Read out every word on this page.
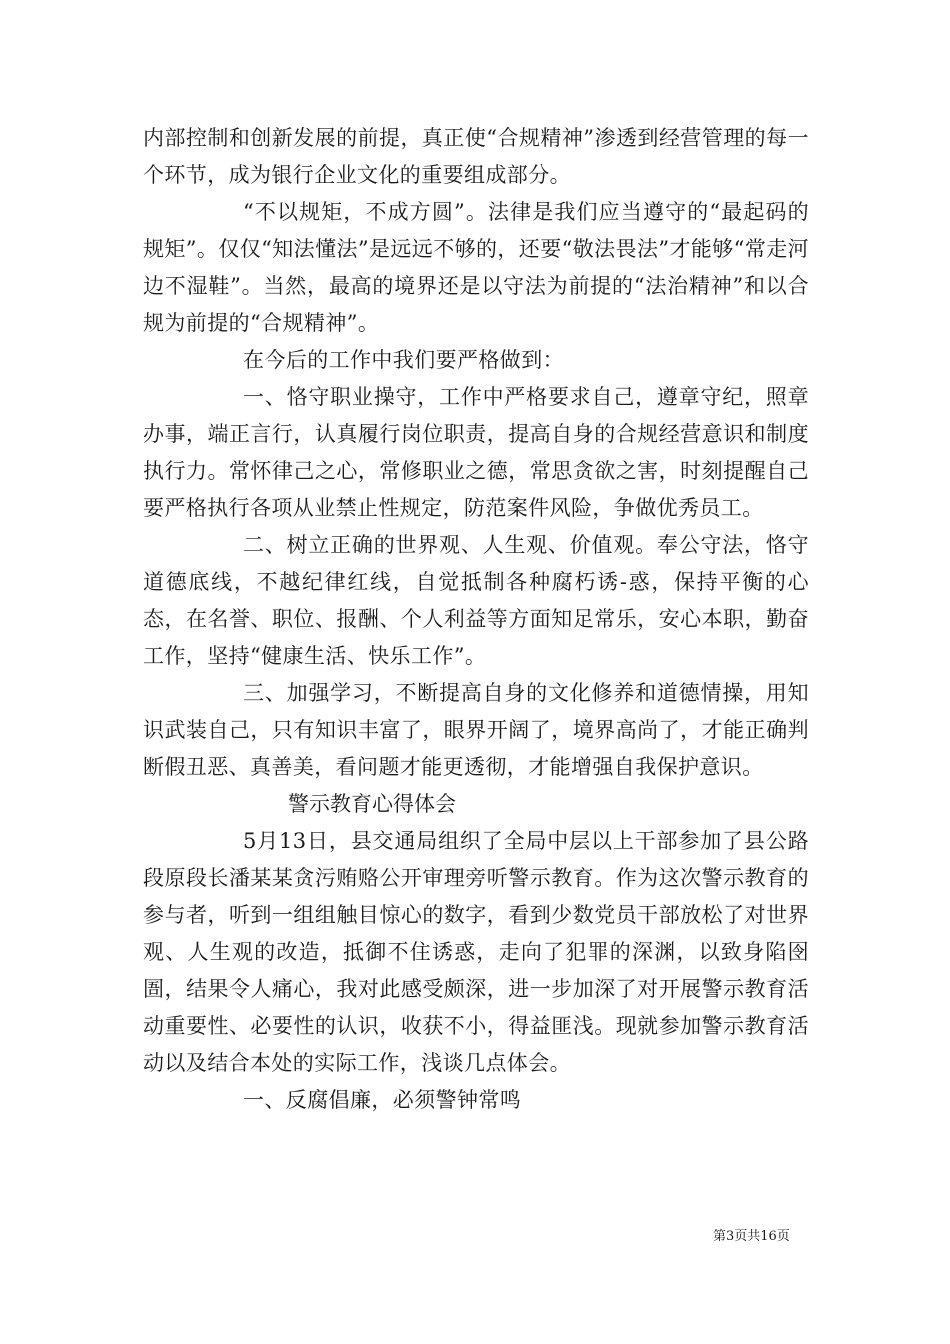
内部控制和创新发展的前提，真正使“合规精神”渗透到经营管理的每一个环节，成为银行企业文化的重要组成部分。

“不以规矩，不成方圆”。法律是我们应当遵守的“最起码的规矩”。仅仅“知法懂法”是远远不够的，还要“敬法畏法”才能够“常走河边不湿鞋”。当然，最高的境界还是以守法为前提的“法治精神”和以合规为前提的“合规精神”。

在今后的工作中我们要严格做到：

一、恪守职业操守，工作中严格要求自己，遵章守纪，照章办事，端正言行，认真履行岗位职责，提高自身的合规经营意识和制度执行力。常怀律己之心，常修职业之德，常思贪欲之害，时刻提醒自己要严格执行各项从业禁止性规定，防范案件风险，争做优秀员工。

二、树立正确的世界观、人生观、价值观。奉公守法，恪守道德底线，不越纪律红线，自觉抵制各种腐朽诱-惑，保持平衡的心态，在名誉、职位、报酬、个人利益等方面知足常乐，安心本职，勤奋工作，坚持“健康生活、快乐工作”。

三、加强学习，不断提高自身的文化修养和道德情操，用知识武装自己，只有知识丰富了，眼界开阔了，境界高尚了，才能正确判断假丑恶、真善美，看问题才能更透彻，才能增强自我保护意识。

警示教育心得体会

5月13日，县交通局组织了全局中层以上干部参加了县公路段原段长潘某某贪污贿赂公开审理旁听警示教育。作为这次警示教育的参与者，听到一组组触目惊心的数字，看到少数党员干部放松了对世界观、人生观的改造，抵御不住诱惑，走向了犯罪的深渊，以致身陷囹圄，结果令人痛心，我对此感受颇深，进一步加深了对开展警示教育活动重要性、必要性的认识，收获不小，得益匪浅。现就参加警示教育活动以及结合本处的实际工作，浅谈几点体会。

一、反腐倡廉，必须警钟常鸣

第3页共16页
